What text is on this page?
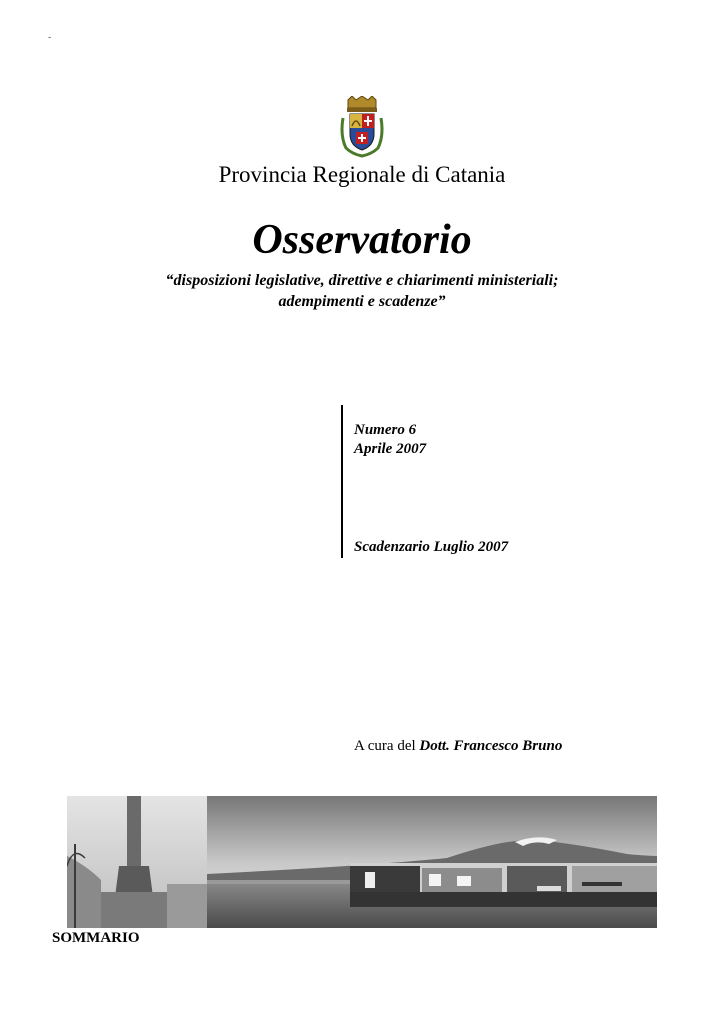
-
Provincia Regionale di Catania
Osservatorio
“disposizioni legislative, direttive e chiarimenti ministeriali;
adempimenti e scadenze”
Numero 6
Aprile 2007
Scadenzario Luglio 2007
A cura del Dott. Francesco Bruno
SOMMARIO
